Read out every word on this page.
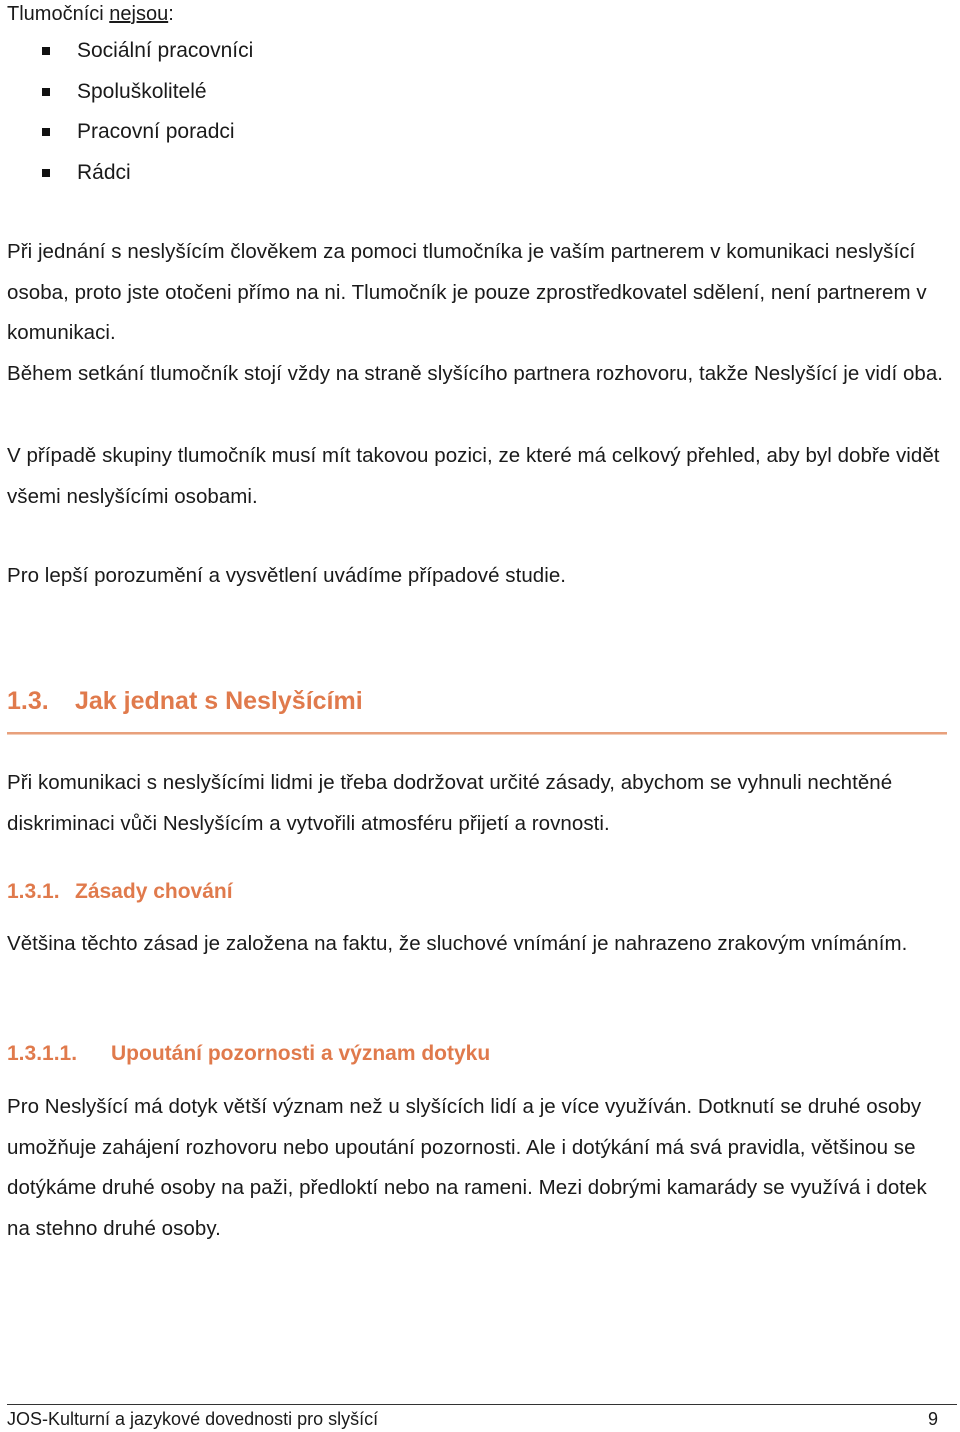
Tlumočníci nejsou:

Sociální pracovníci
Spoluškolitelé
Pracovní poradci
Rádci

Při jednání s neslyšícím člověkem za pomoci tlumočníka je vaším partnerem v komunikaci neslyšící osoba, proto jste otočeni přímo na ni. Tlumočník je pouze zprostředkovatel sdělení, není partnerem v komunikaci.

Během setkání tlumočník stojí vždy na straně slyšícího partnera rozhovoru, takže Neslyšící je vidí oba.

V případě skupiny tlumočník musí mít takovou pozici, ze které má celkový přehled, aby byl dobře vidět všemi neslyšícími osobami.

Pro lepší porozumění a vysvětlení uvádíme případové studie.

1.3. Jak jednat s Neslyšícími

Při komunikaci s neslyšícími lidmi je třeba dodržovat určité zásady, abychom se vyhnuli nechtěné diskriminaci vůči Neslyšícím a vytvořili atmosféru přijetí a rovnosti.

1.3.1. Zásady chování

Většina těchto zásad je založena na faktu, že sluchové vnímání je nahrazeno zrakovým vnímáním.

1.3.1.1. Upoutání pozornosti a význam dotyku

Pro Neslyšící má dotyk větší význam než u slyšících lidí a je více využíván. Dotknutí se druhé osoby umožňuje zahájení rozhovoru nebo upoutání pozornosti. Ale i dotýkání má svá pravidla, většinou se dotýkáme druhé osoby na paži, předloktí nebo na rameni. Mezi dobrými kamarády se využívá i dotek na stehno druhé osoby.

JOS-Kulturní a jazykové dovednosti pro slyšící	9
